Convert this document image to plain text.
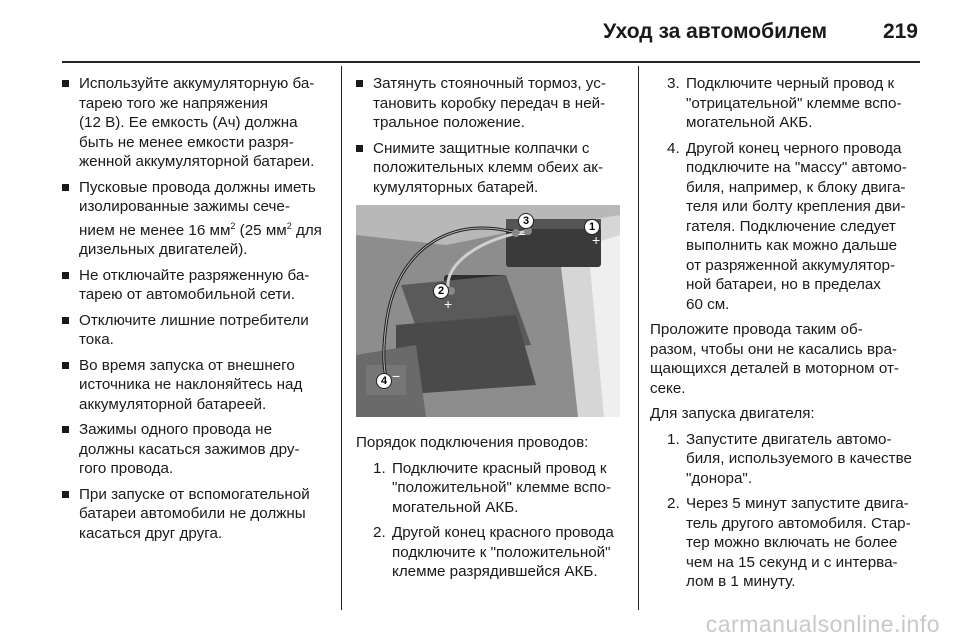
Уход за автомобилем	219
Используйте аккумуляторную ба-
тарею того же напряжения
(12 В). Ее емкость (Ач) должна
быть не менее емкости разря-
женной аккумуляторной батареи.
Пусковые провода должны иметь
изолированные зажимы сече-
нием не менее 16 $мм^2$ (25 $мм^2$ для
дизельных двигателей).
Не отключайте разряженную ба-
тарею от автомобильной сети.
Отключите лишние потребители
тока.
Во время запуска от внешнего
источника не наклоняйтесь над
аккумуляторной батареей.
Зажимы одного провода не
должны касаться зажимов дру-
гого провода.
При запуске от вспомогательной
батареи автомобили не должны
касаться друг друга.
Затянуть стояночный тормоз, ус-
тановить коробку передач в ней-
тральное положение.
Снимите защитные колпачки с
положительных клемм обеих ак-
кумуляторных батарей.
1
+
2
+
3
−
4 −

Порядок подключения проводов:

1. Подключите красный провод к
"положительной" клемме вспо-
могательной АКБ.
2. Другой конец красного провода
подключите к "положительной"
клемме разрядившейся АКБ.
3. Подключите черный провод к
"отрицательной" клемме вспо-
могательной АКБ.
4. Другой конец черного провода
подключите на "массу" автомо-
биля, например, к блоку двига-
теля или болту крепления дви-
гателя. Подключение следует
выполнить как можно дальше
от разряженной аккумулятор-
ной батареи, но в пределах
60 см.

Проложите провода таким об-
разом, чтобы они не касались вра-
щающихся деталей в моторном от-
секе.

Для запуска двигателя:

1. Запустите двигатель автомо-
биля, используемого в качестве
"донора".
2. Через 5 минут запустите двига-
тель другого автомобиля. Стар-
тер можно включать не более
чем на 15 секунд и с интерва-
лом в 1 минуту.
carmanualsonline.info
